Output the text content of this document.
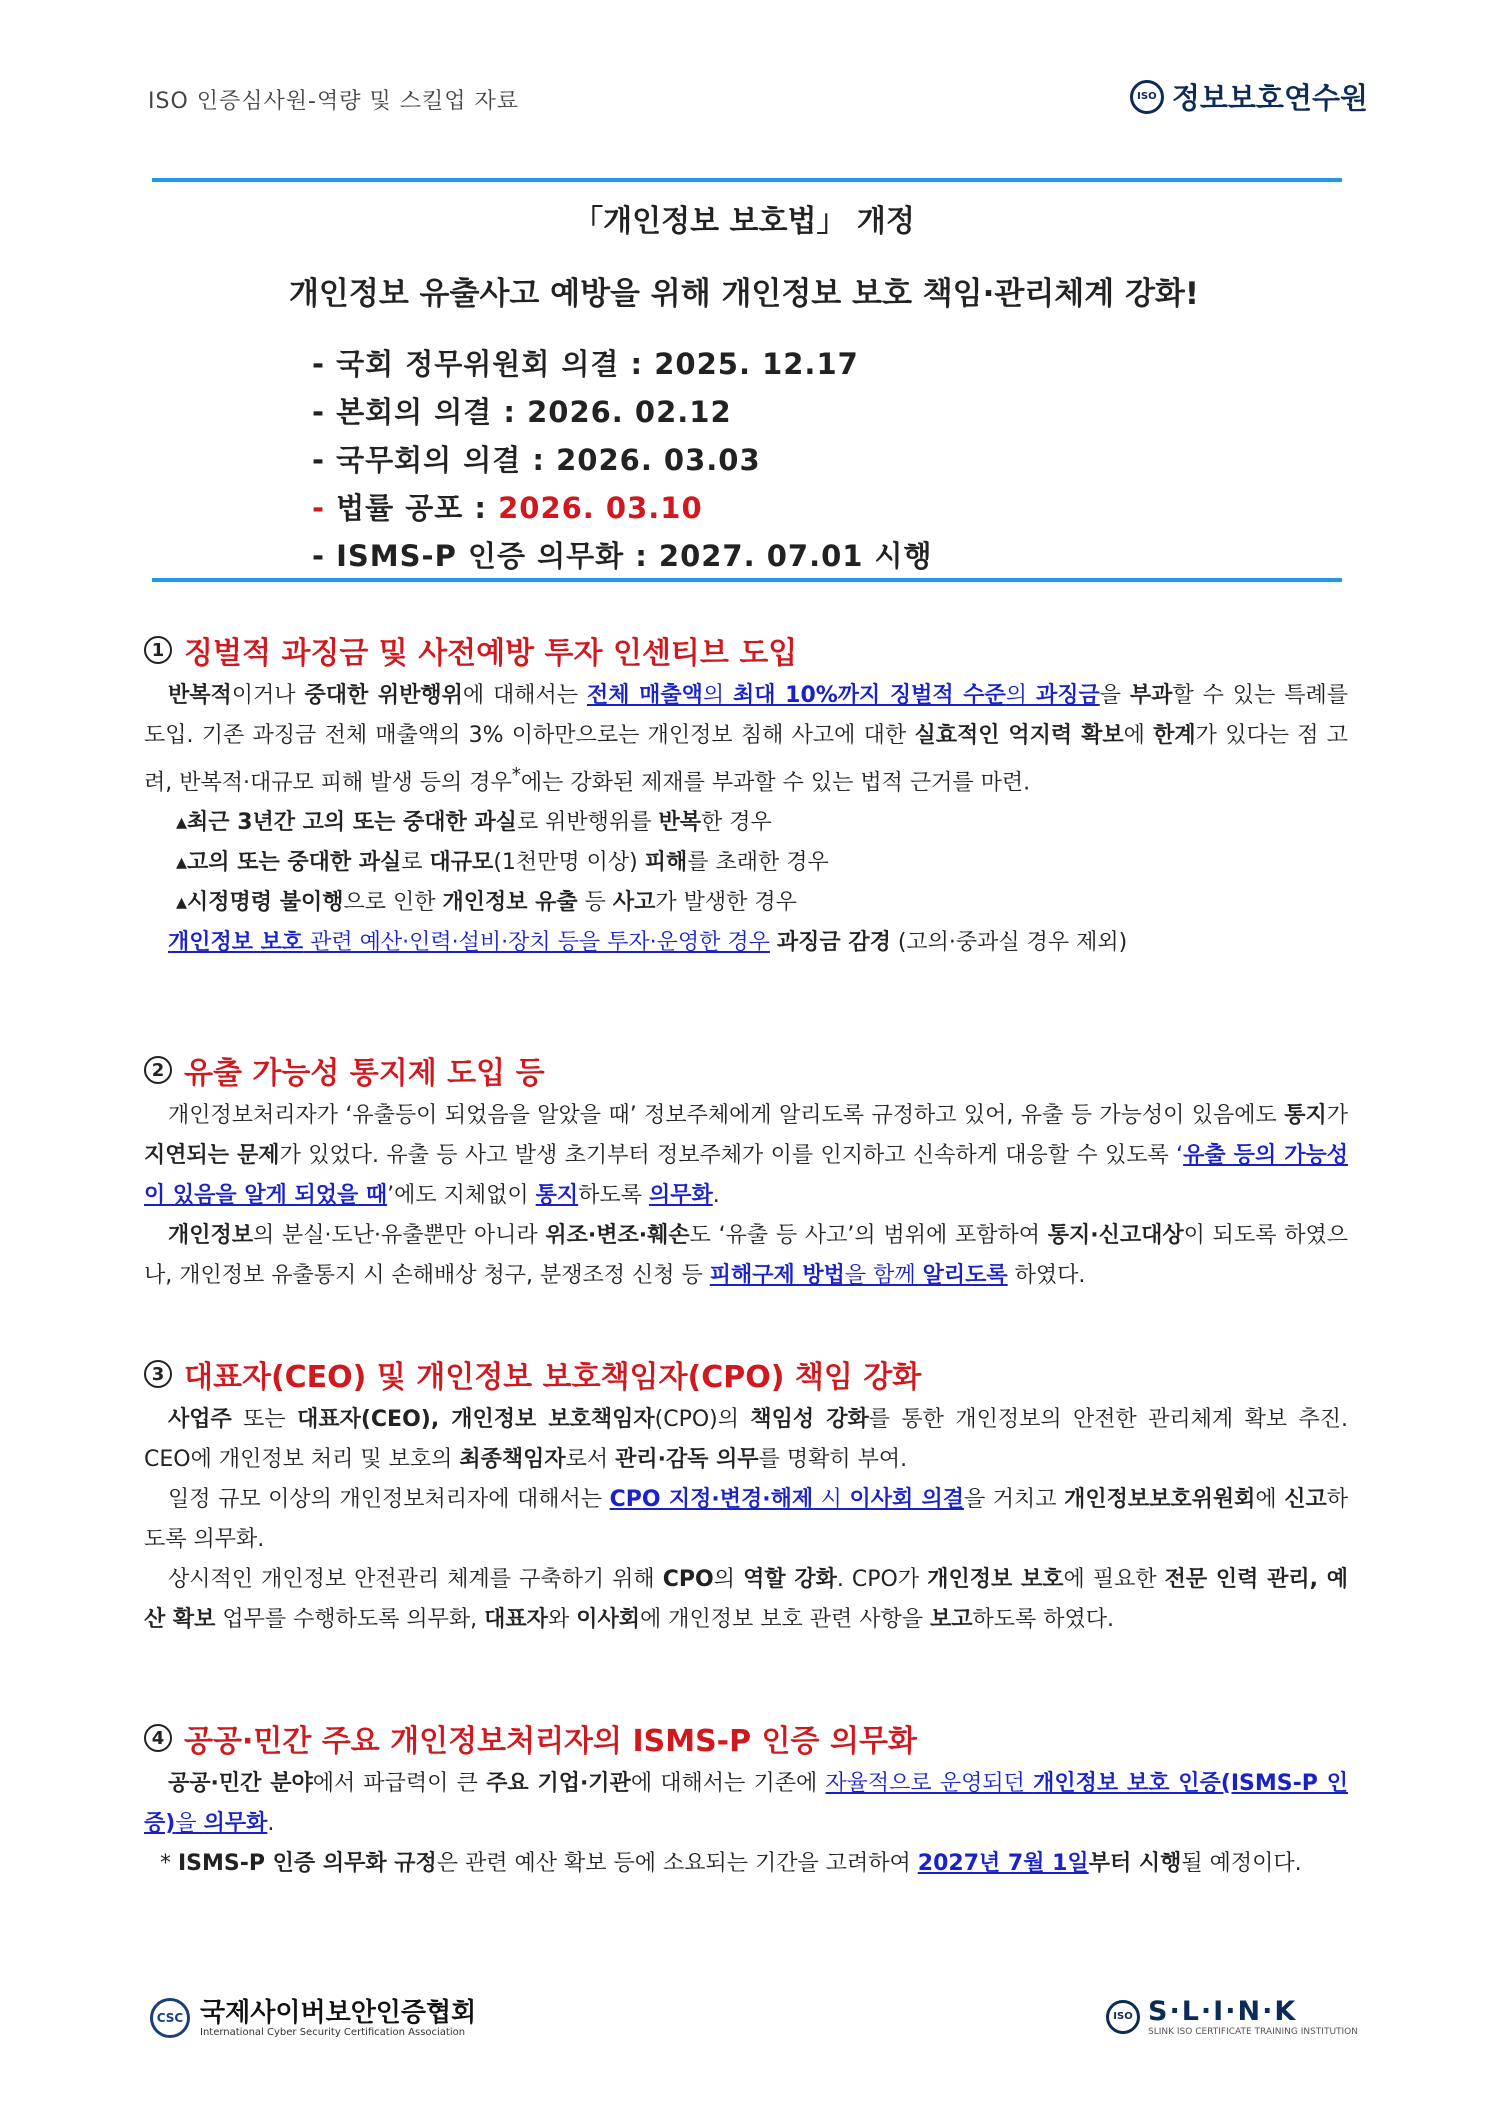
ISO 인증심사원-역량 및 스킬업 자료	ISO 정보보호연수원
「개인정보 보호법」 개정
개인정보 유출사고 예방을 위해 개인정보 보호 책임·관리체계 강화!
- 국회 정무위원회 의결 : 2025. 12.17
- 본회의 의결 : 2026. 02.12
- 국무회의 의결 : 2026. 03.03
- 법률 공포 : 2026. 03.10
- ISMS-P 인증 의무화 : 2027. 07.01 시행
1 징벌적 과징금 및 사전예방 투자 인센티브 도입
반복적이거나 중대한 위반행위에 대해서는 전체 매출액의 최대 10%까지 징벌적 수준의 과징금을 부과할 수 있는 특례를 도입. 기존 과징금 전체 매출액의 3% 이하만으로는 개인정보 침해 사고에 대한 실효적인 억지력 확보에 한계가 있다는 점 고려, 반복적·대규모 피해 발생 등의 경우*에는 강화된 제재를 부과할 수 있는 법적 근거를 마련.
▴최근 3년간 고의 또는 중대한 과실로 위반행위를 반복한 경우
▴고의 또는 중대한 과실로 대규모(1천만명 이상) 피해를 초래한 경우
▴시정명령 불이행으로 인한 개인정보 유출 등 사고가 발생한 경우
개인정보 보호 관련 예산·인력·설비·장치 등을 투자·운영한 경우 과징금 감경 (고의·중과실 경우 제외)
2 유출 가능성 통지제 도입 등
개인정보처리자가 ‘유출등이 되었음을 알았을 때’ 정보주체에게 알리도록 규정하고 있어, 유출 등 가능성이 있음에도 통지가 지연되는 문제가 있었다. 유출 등 사고 발생 초기부터 정보주체가 이를 인지하고 신속하게 대응할 수 있도록 ‘유출 등의 가능성이 있음을 알게 되었을 때’에도 지체없이 통지하도록 의무화.
개인정보의 분실·도난·유출뿐만 아니라 위조·변조·훼손도 ‘유출 등 사고’의 범위에 포함하여 통지·신고대상이 되도록 하였으나, 개인정보 유출통지 시 손해배상 청구, 분쟁조정 신청 등 피해구제 방법을 함께 알리도록 하였다.
3 대표자(CEO) 및 개인정보 보호책임자(CPO) 책임 강화
사업주 또는 대표자(CEO), 개인정보 보호책임자(CPO)의 책임성 강화를 통한 개인정보의 안전한 관리체계 확보 추진. CEO에 개인정보 처리 및 보호의 최종책임자로서 관리·감독 의무를 명확히 부여.
일정 규모 이상의 개인정보처리자에 대해서는 CPO 지정·변경·해제 시 이사회 의결을 거치고 개인정보보호위원회에 신고하도록 의무화.
상시적인 개인정보 안전관리 체계를 구축하기 위해 CPO의 역할 강화. CPO가 개인정보 보호에 필요한 전문 인력 관리, 예산 확보 업무를 수행하도록 의무화, 대표자와 이사회에 개인정보 보호 관련 사항을 보고하도록 하였다.
4 공공·민간 주요 개인정보처리자의 ISMS-P 인증 의무화
공공·민간 분야에서 파급력이 큰 주요 기업·기관에 대해서는 기존에 자율적으로 운영되던 개인정보 보호 인증(ISMS-P 인증)을 의무화.
* ISMS-P 인증 의무화 규정은 관련 예산 확보 등에 소요되는 기간을 고려하여 2027년 7월 1일부터 시행될 예정이다.
CSC 국제사이버보안인증협회
International Cyber Security Certification Association
ISO S·L·I·N·K
SLINK ISO CERTIFICATE TRAINING INSTITUTION
